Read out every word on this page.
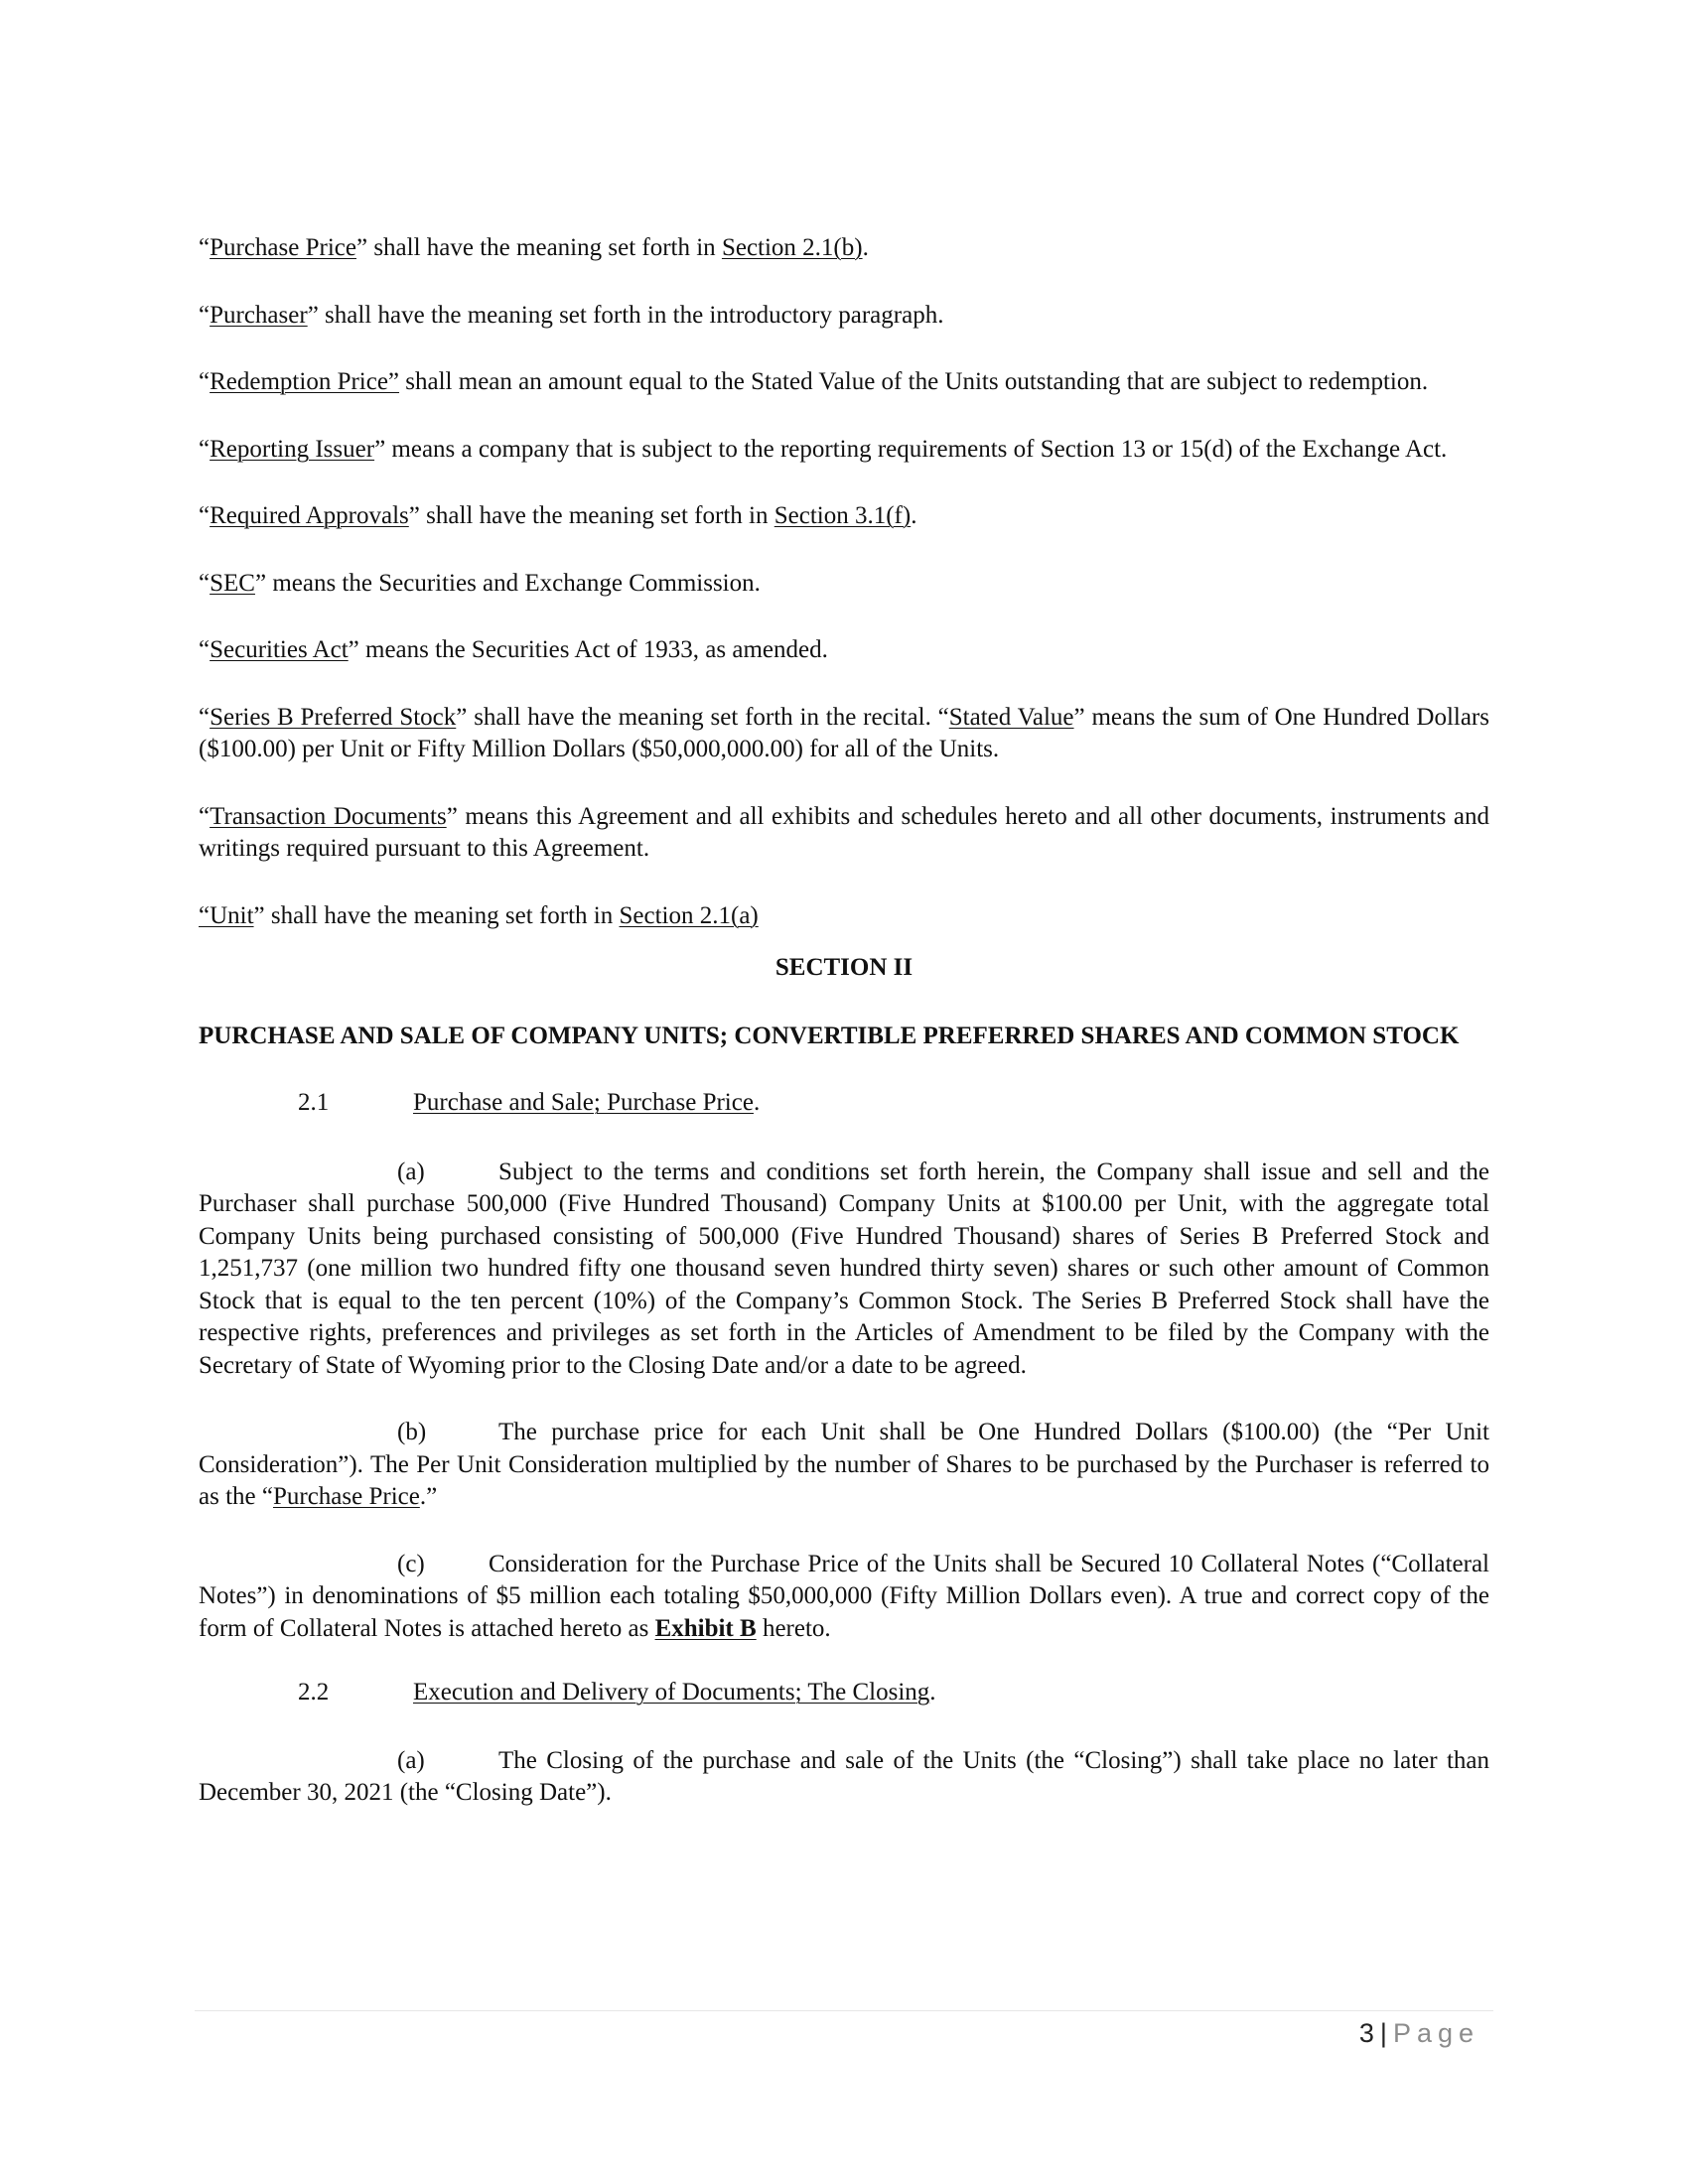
“Purchase Price” shall have the meaning set forth in Section 2.1(b).

“Purchaser” shall have the meaning set forth in the introductory paragraph.

“Redemption Price” shall mean an amount equal to the Stated Value of the Units outstanding that are subject to redemption.

“Reporting Issuer” means a company that is subject to the reporting requirements of Section 13 or 15(d) of the Exchange Act.

“Required Approvals” shall have the meaning set forth in Section 3.1(f).

“SEC” means the Securities and Exchange Commission.

“Securities Act” means the Securities Act of 1933, as amended.

“Series B Preferred Stock” shall have the meaning set forth in the recital. “Stated Value” means the sum of One Hundred Dollars ($100.00) per Unit or Fifty Million Dollars ($50,000,000.00) for all of the Units.

“Transaction Documents” means this Agreement and all exhibits and schedules hereto and all other documents, instruments and writings required pursuant to this Agreement.

“Unit” shall have the meaning set forth in Section 2.1(a)

SECTION II

PURCHASE AND SALE OF COMPANY UNITS; CONVERTIBLE PREFERRED SHARES AND COMMON STOCK

2.1	Purchase and Sale; Purchase Price.

(a)	Subject to the terms and conditions set forth herein, the Company shall issue and sell and the Purchaser shall purchase 500,000 (Five Hundred Thousand) Company Units at $100.00 per Unit, with the aggregate total Company Units being purchased consisting of 500,000 (Five Hundred Thousand) shares of Series B Preferred Stock and 1,251,737 (one million two hundred fifty one thousand seven hundred thirty seven) shares or such other amount of Common Stock that is equal to the ten percent (10%) of the Company’s Common Stock. The Series B Preferred Stock shall have the respective rights, preferences and privileges as set forth in the Articles of Amendment to be filed by the Company with the Secretary of State of Wyoming prior to the Closing Date and/or a date to be agreed.

(b)	The purchase price for each Unit shall be One Hundred Dollars ($100.00) (the “Per Unit Consideration”). The Per Unit Consideration multiplied by the number of Shares to be purchased by the Purchaser is referred to as the “Purchase Price.”

(c)	Consideration for the Purchase Price of the Units shall be Secured 10 Collateral Notes (“Collateral Notes”) in denominations of $5 million each totaling $50,000,000 (Fifty Million Dollars even). A true and correct copy of the form of Collateral Notes is attached hereto as Exhibit B hereto.

2.2	Execution and Delivery of Documents; The Closing.

(a)	The Closing of the purchase and sale of the Units (the “Closing”) shall take place no later than December 30, 2021 (the “Closing Date”).

3 | Page
